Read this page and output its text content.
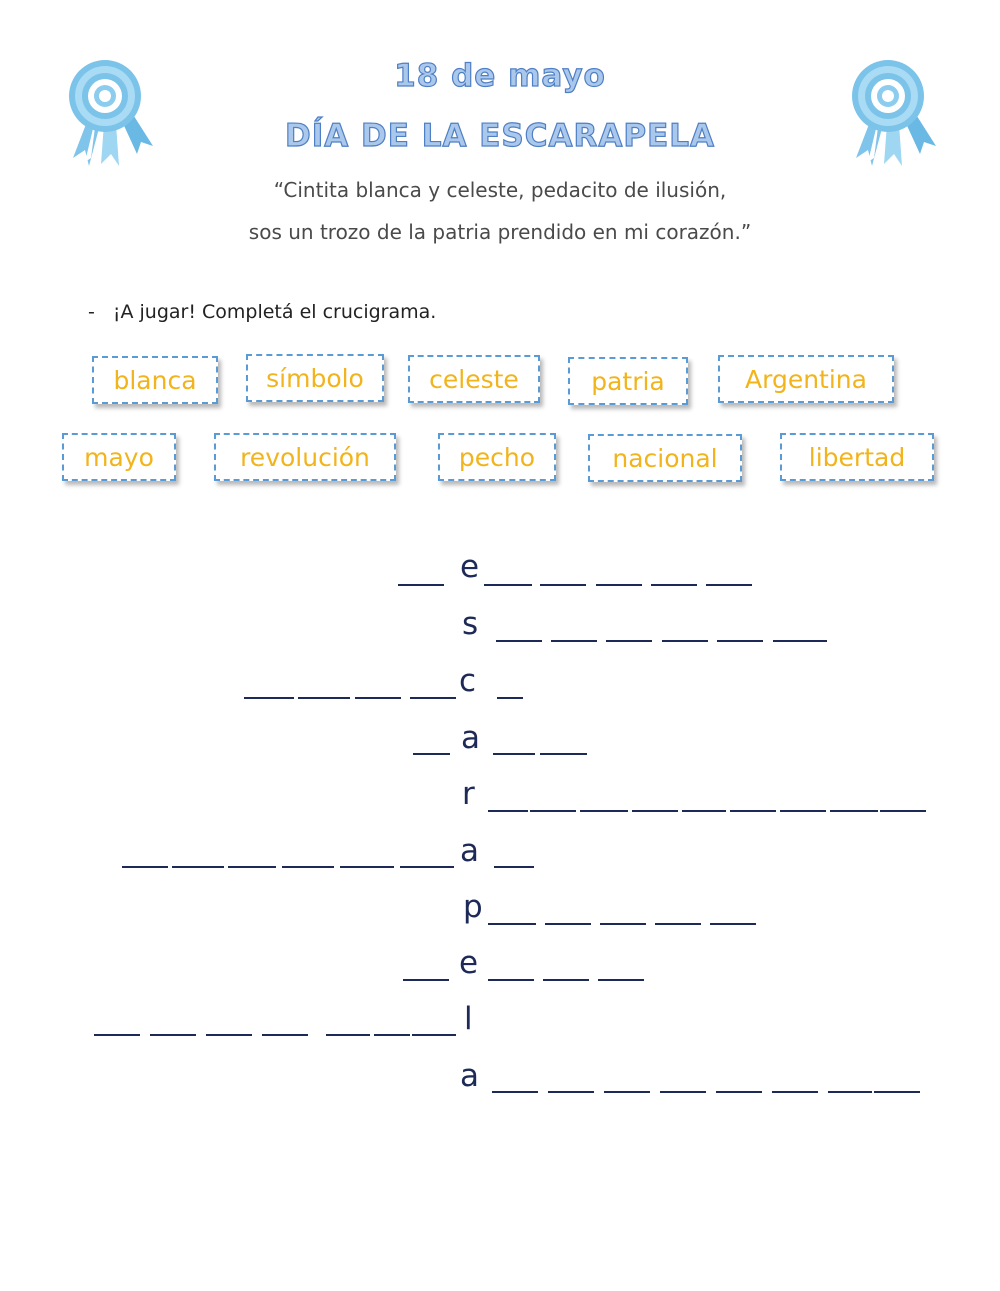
18 de mayo
DÍA DE LA ESCARAPELA
“Cintita blanca y celeste, pedacito de ilusión,
sos un trozo de la patria prendido en mi corazón.”
- ¡A jugar! Completá el crucigrama.
blanca	símbolo	celeste	patria	Argentina
mayo	revolución	pecho	nacional	libertad
e
s
c
a
r
a
p
e
l
a
